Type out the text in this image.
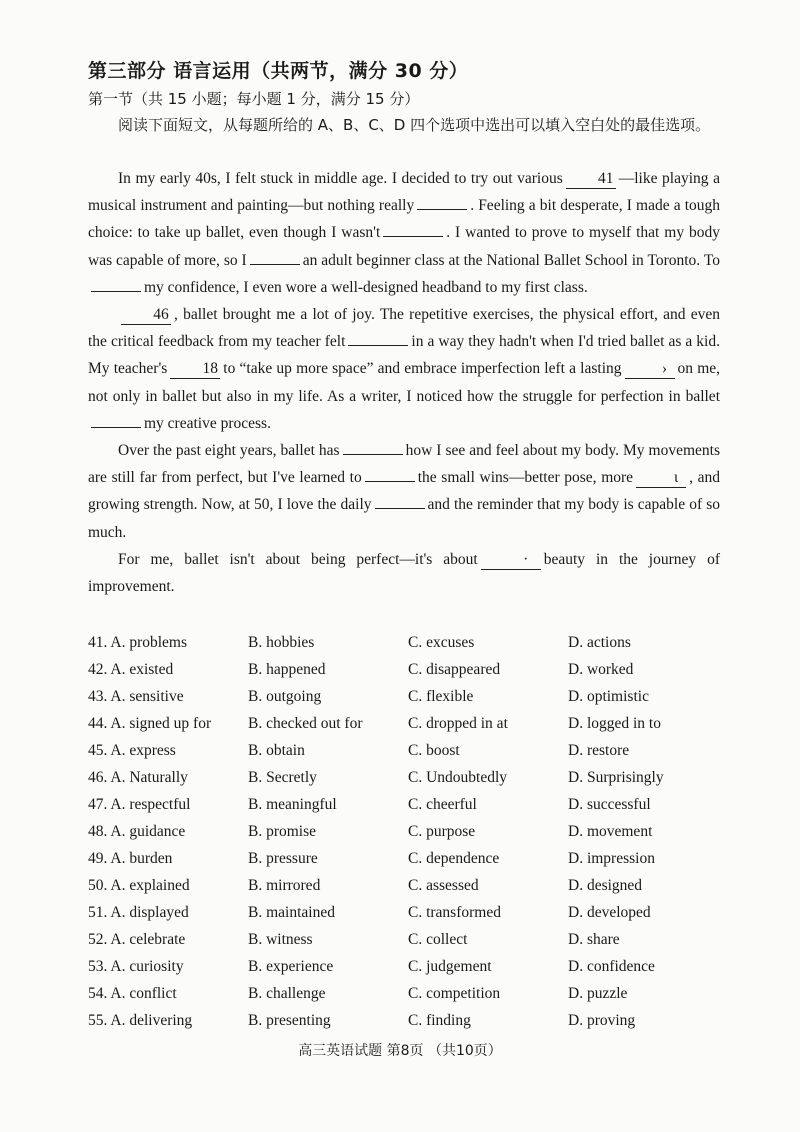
第三部分 语言运用（共两节，满分 30 分）
第一节（共 15 小题；每小题 1 分，满分 15 分）
阅读下面短文，从每题所给的 A、B、C、D 四个选项中选出可以填入空白处的最佳选项。

In my early 40s, I felt stuck in middle age. I decided to try out various 41 —like playing a musical instrument and painting—but nothing really	. Feeling a bit desperate, I made a tough choice: to take up ballet, even though I wasn't	. I wanted to prove to myself that my body was capable of more, so I	an adult beginner class at the National Ballet School in Toronto. Tomy confidence, I even wore a well-designed headband to my first class.

46 , ballet brought me a lot of joy. The repetitive exercises, the physical effort, and even the critical feedback from my teacher felt	in a way they hadn't when I'd tried ballet as a kid. My teacher's 18 to “take up more space” and embrace imperfection left a lasting	› on me, not only in ballet but also in my life. As a writer, I noticed how the struggle for perfection in balletmy creative process.

Over the past eight years, ballet has	how I see and feel about my body. My movements are still far from perfect, but I've learned to	the small wins—better pose, more	ι , and growing strength. Now, at 50, I love the daily	and the reminder that my body is capable of so much.

For me, ballet isn't about being perfect—it's about	· beauty in the journey of improvement.

41. A. problems	B. hobbies	C. excuses	D. actions
42. A. existed	B. happened	C. disappeared	D. worked
43. A. sensitive	B. outgoing	C. flexible	D. optimistic
44. A. signed up for	B. checked out for	C. dropped in at	D. logged in to
45. A. express	B. obtain	C. boost	D. restore
46. A. Naturally	B. Secretly	C. Undoubtedly	D. Surprisingly
47. A. respectful	B. meaningful	C. cheerful	D. successful
48. A. guidance	B. promise	C. purpose	D. movement
49. A. burden	B. pressure	C. dependence	D. impression
50. A. explained	B. mirrored	C. assessed	D. designed
51. A. displayed	B. maintained	C. transformed	D. developed
52. A. celebrate	B. witness	C. collect	D. share
53. A. curiosity	B. experience	C. judgement	D. confidence
54. A. conflict	B. challenge	C. competition	D. puzzle
55. A. delivering	B. presenting	C. finding	D. proving
高三英语试题 第8页 （共10页）
